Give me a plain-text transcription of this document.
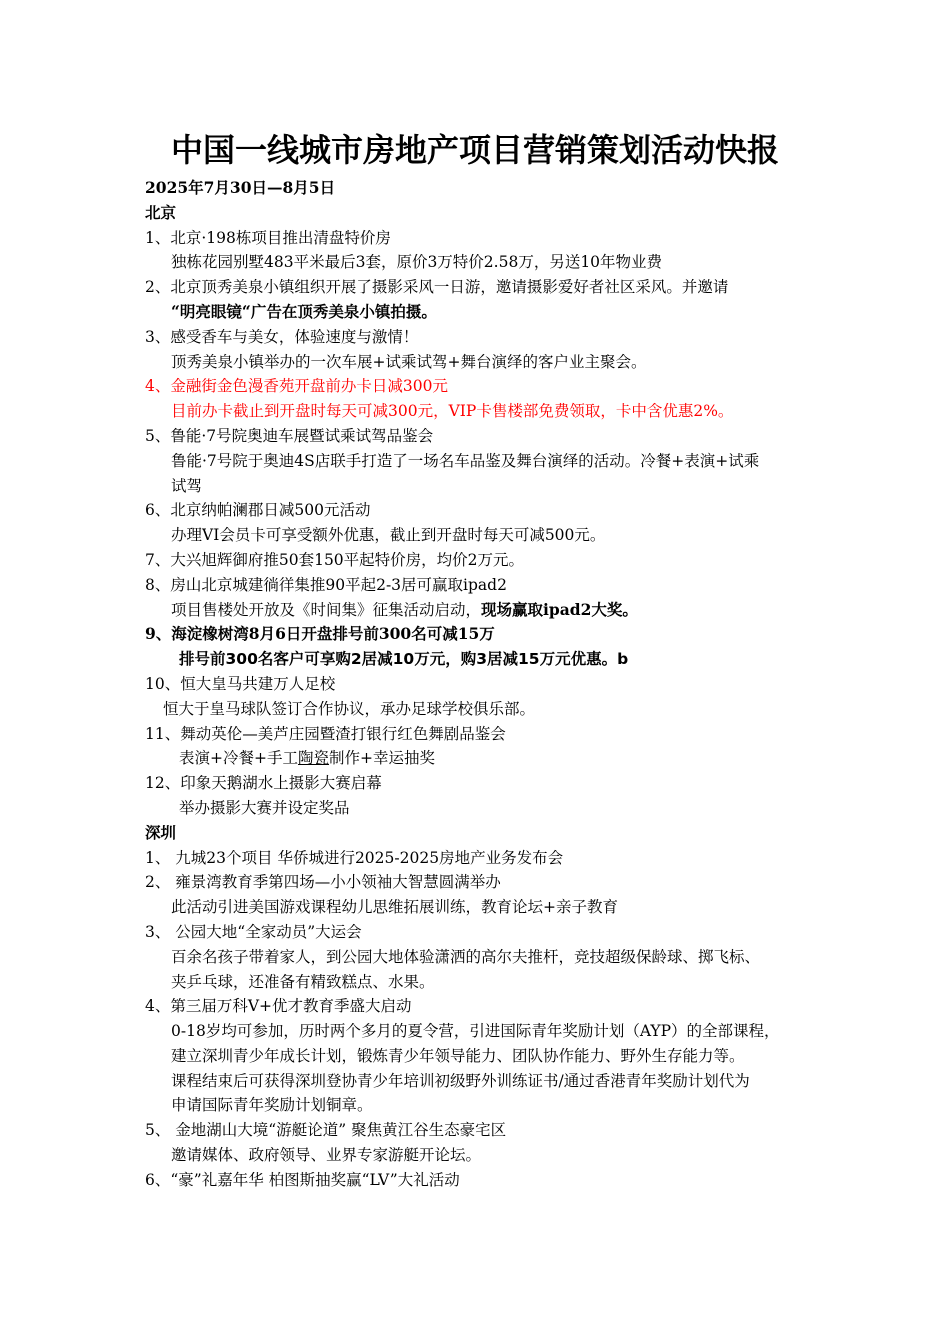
中国一线城市房地产项目营销策划活动快报
2025年7月30日—8月5日
北京
1、北京·198栋项目推出清盘特价房
独栋花园别墅483平米最后3套，原价3万特价2.58万，另送10年物业费
2、北京顶秀美泉小镇组织开展了摄影采风一日游，邀请摄影爱好者社区采风。并邀请
“明亮眼镜“广告在顶秀美泉小镇拍摄。
3、感受香车与美女，体验速度与激情！
顶秀美泉小镇举办的一次车展+试乘试驾+舞台演绎的客户业主聚会。
4、金融街金色漫香苑开盘前办卡日减300元
目前办卡截止到开盘时每天可减300元，VIP卡售楼部免费领取，卡中含优惠2%。
5、鲁能·7号院奥迪车展暨试乘试驾品鉴会
鲁能·7号院于奥迪4S店联手打造了一场名车品鉴及舞台演绎的活动。冷餐+表演+试乘
试驾
6、北京纳帕澜郡日减500元活动
办理VI会员卡可享受额外优惠，截止到开盘时每天可减500元。
7、大兴旭辉御府推50套150平起特价房，均价2万元。
8、房山北京城建徜徉集推90平起2-3居可赢取ipad2
项目售楼处开放及《时间集》征集活动启动，现场赢取ipad2大奖。
9、海淀橡树湾8月6日开盘排号前300名可减15万
排号前300名客户可享购2居减10万元，购3居减15万元优惠。b
10、恒大皇马共建万人足校
恒大于皇马球队签订合作协议，承办足球学校俱乐部。
11、舞动英伦—美芦庄园暨渣打银行红色舞剧品鉴会
表演+冷餐+手工陶瓷制作+幸运抽奖
12、印象天鹅湖水上摄影大赛启幕
举办摄影大赛并设定奖品
深圳
1、 九城23个项目 华侨城进行2025-2025房地产业务发布会
2、 雍景湾教育季第四场—小小领袖大智慧圆满举办
此活动引进美国游戏课程幼儿思维拓展训练，教育论坛+亲子教育
3、 公园大地“全家动员”大运会
百余名孩子带着家人，到公园大地体验潇洒的高尔夫推杆，竞技超级保龄球、掷飞标、
夹乒乓球，还准备有精致糕点、水果。
4、第三届万科V+优才教育季盛大启动
0-18岁均可参加，历时两个多月的夏令营，引进国际青年奖励计划（AYP）的全部课程，
建立深圳青少年成长计划，锻炼青少年领导能力、团队协作能力、野外生存能力等。
课程结束后可获得深圳登协青少年培训初级野外训练证书/通过香港青年奖励计划代为
申请国际青年奖励计划铜章。
5、 金地湖山大境“游艇论道” 聚焦黄江谷生态豪宅区
邀请媒体、政府领导、业界专家游艇开论坛。
6、“豪”礼嘉年华 柏图斯抽奖赢“LV”大礼活动
